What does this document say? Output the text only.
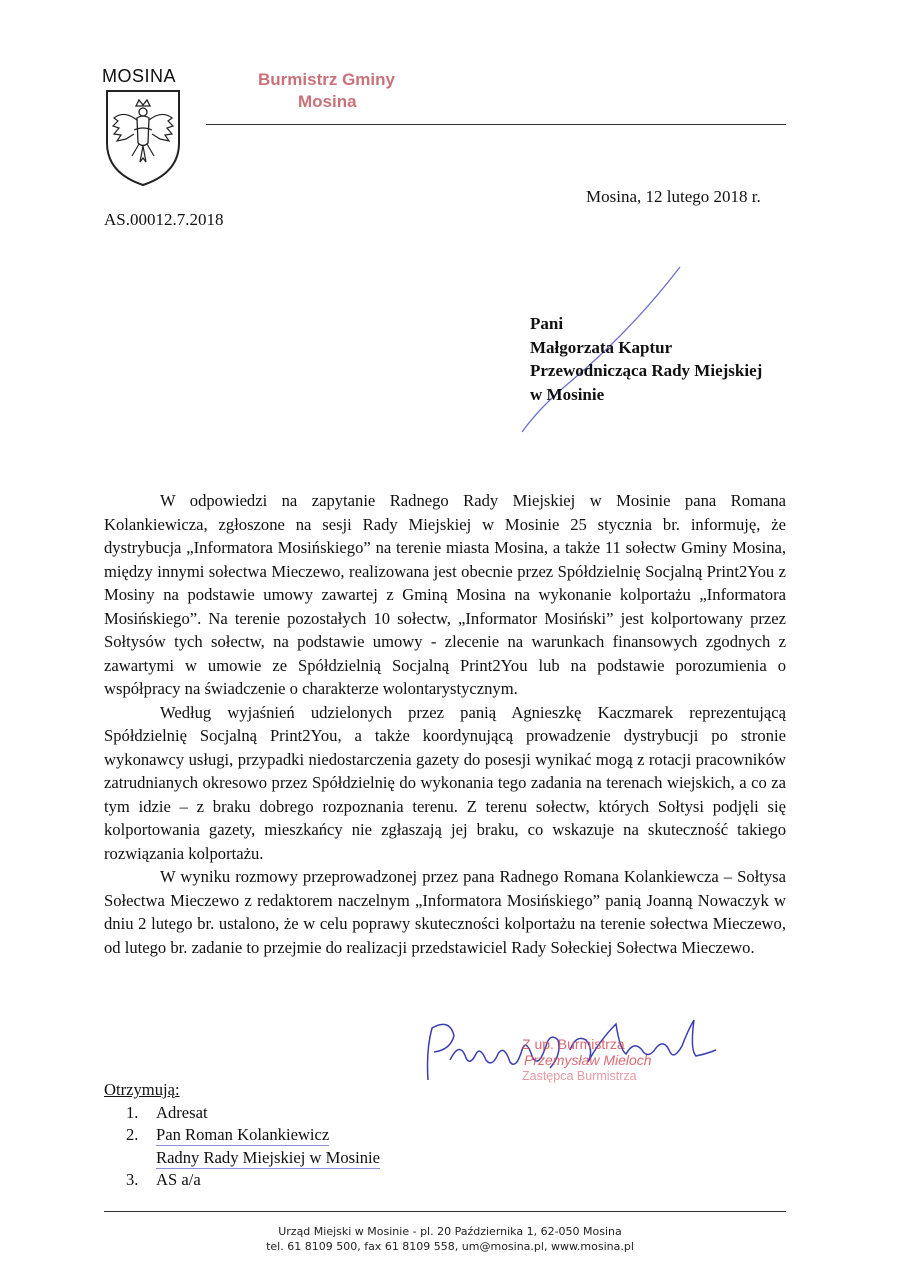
MOSINA	Burmistrz Gminy
Mosina
Mosina, 12 lutego 2018 r.
AS.00012.7.2018
Pani
Małgorzata Kaptur
Przewodnicząca Rady Miejskiej
w Mosinie

W odpowiedzi na zapytanie Radnego Rady Miejskiej w Mosinie pana Romana Kolankiewicza, zgłoszone na sesji Rady Miejskiej w Mosinie 25 stycznia br. informuję, że dystrybucja „Informatora Mosińskiego” na terenie miasta Mosina, a także 11 sołectw Gminy Mosina, między innymi sołectwa Mieczewo, realizowana jest obecnie przez Spółdzielnię Socjalną Print2You z Mosiny na podstawie umowy zawartej z Gminą Mosina na wykonanie kolportażu „Informatora Mosińskiego”. Na terenie pozostałych 10 sołectw, „Informator Mosiński” jest kolportowany przez Sołtysów tych sołectw, na podstawie umowy - zlecenie na warunkach finansowych zgodnych z zawartymi w umowie ze Spółdzielnią Socjalną Print2You lub na podstawie porozumienia o współpracy na świadczenie o charakterze wolontarystycznym.

Według wyjaśnień udzielonych przez panią Agnieszkę Kaczmarek reprezentującą Spółdzielnię Socjalną Print2You, a także koordynującą prowadzenie dystrybucji po stronie wykonawcy usługi, przypadki niedostarczenia gazety do posesji wynikać mogą z rotacji pracowników zatrudnianych okresowo przez Spółdzielnię do wykonania tego zadania na terenach wiejskich, a co za tym idzie – z braku dobrego rozpoznania terenu. Z terenu sołectw, których Sołtysi podjęli się kolportowania gazety, mieszkańcy nie zgłaszają jej braku, co wskazuje na skuteczność takiego rozwiązania kolportażu.

W wyniku rozmowy przeprowadzonej przez pana Radnego Romana Kolankiewcza – Sołtysa Sołectwa Mieczewo z redaktorem naczelnym „Informatora Mosińskiego” panią Joanną Nowaczyk w dniu 2 lutego br. ustalono, że w celu poprawy skuteczności kolportażu na terenie sołectwa Mieczewo, od lutego br. zadanie to przejmie do realizacji przedstawiciel Rady Sołeckiej Sołectwa Mieczewo.

Z up. Burmistrza
Przemysław Mieloch
Zastępca Burmistrza
Otrzymują:
1. Adresat
2. Pan Roman Kolankiewicz
Radny Rady Miejskiej w Mosinie
3. AS a/a
Urząd Miejski w Mosinie - pl. 20 Października 1, 62-050 Mosina
tel. 61 8109 500, fax 61 8109 558, um@mosina.pl, www.mosina.pl
